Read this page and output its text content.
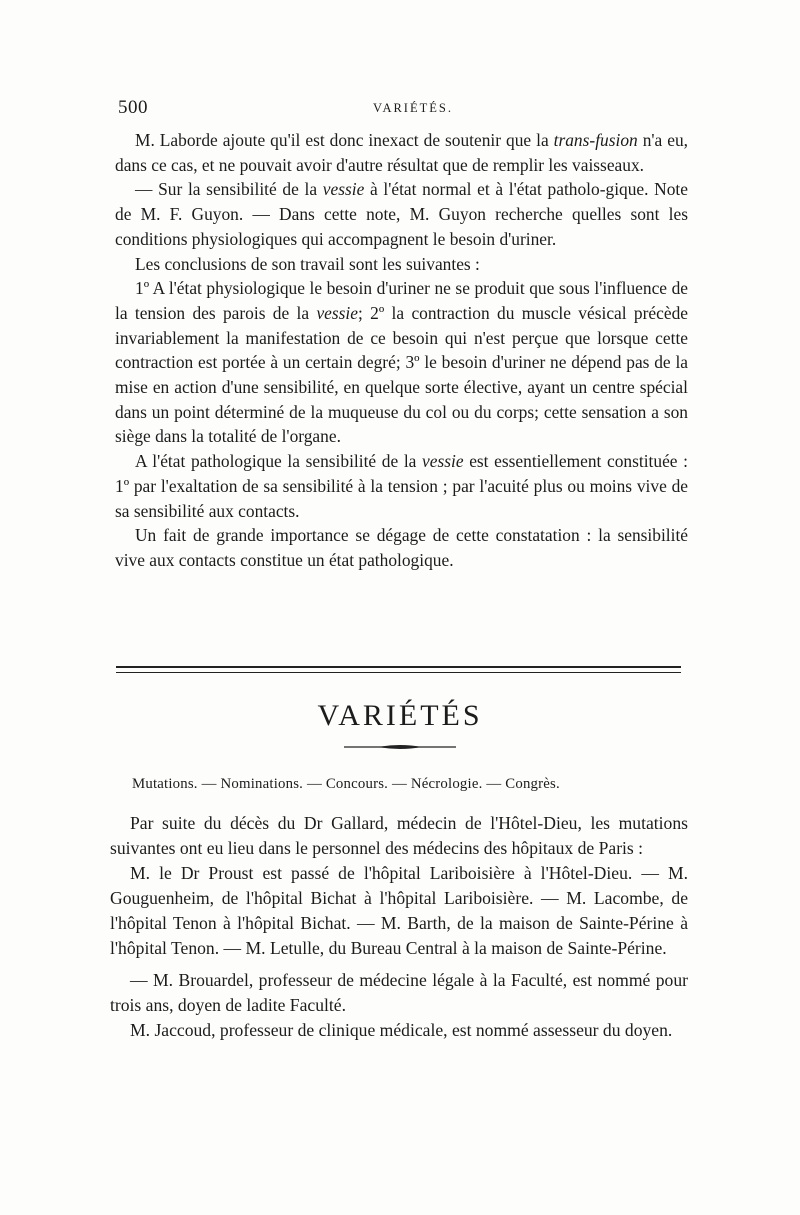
500	VARIÉTÉS.

M. Laborde ajoute qu'il est donc inexact de soutenir que la trans-fusion n'a eu, dans ce cas, et ne pouvait avoir d'autre résultat que de remplir les vaisseaux.

— Sur la sensibilité de la vessie à l'état normal et à l'état patholo-gique. Note de M. F. Guyon. — Dans cette note, M. Guyon recherche quelles sont les conditions physiologiques qui accompagnent le besoin d'uriner.

Les conclusions de son travail sont les suivantes :

1º A l'état physiologique le besoin d'uriner ne se produit que sous l'influence de la tension des parois de la vessie; 2º la contraction du muscle vésical précède invariablement la manifestation de ce besoin qui n'est perçue que lorsque cette contraction est portée à un certain degré; 3º le besoin d'uriner ne dépend pas de la mise en action d'une sensibilité, en quelque sorte élective, ayant un centre spécial dans un point déterminé de la muqueuse du col ou du corps; cette sensation a son siège dans la totalité de l'organe.

A l'état pathologique la sensibilité de la vessie est essentiellement constituée : 1º par l'exaltation de sa sensibilité à la tension ; par l'acuité plus ou moins vive de sa sensibilité aux contacts.

Un fait de grande importance se dégage de cette constatation : la sensibilité vive aux contacts constitue un état pathologique.

VARIÉTÉS
Mutations. — Nominations. — Concours. — Nécrologie. — Congrès.

Par suite du décès du Dr Gallard, médecin de l'Hôtel-Dieu, les mutations suivantes ont eu lieu dans le personnel des médecins des hôpitaux de Paris :

M. le Dr Proust est passé de l'hôpital Lariboisière à l'Hôtel-Dieu. — M. Gouguenheim, de l'hôpital Bichat à l'hôpital Lariboisière. — M. Lacombe, de l'hôpital Tenon à l'hôpital Bichat. — M. Barth, de la maison de Sainte-Périne à l'hôpital Tenon. — M. Letulle, du Bureau Central à la maison de Sainte-Périne.

— M. Brouardel, professeur de médecine légale à la Faculté, est nommé pour trois ans, doyen de ladite Faculté.

M. Jaccoud, professeur de clinique médicale, est nommé assesseur du doyen.
